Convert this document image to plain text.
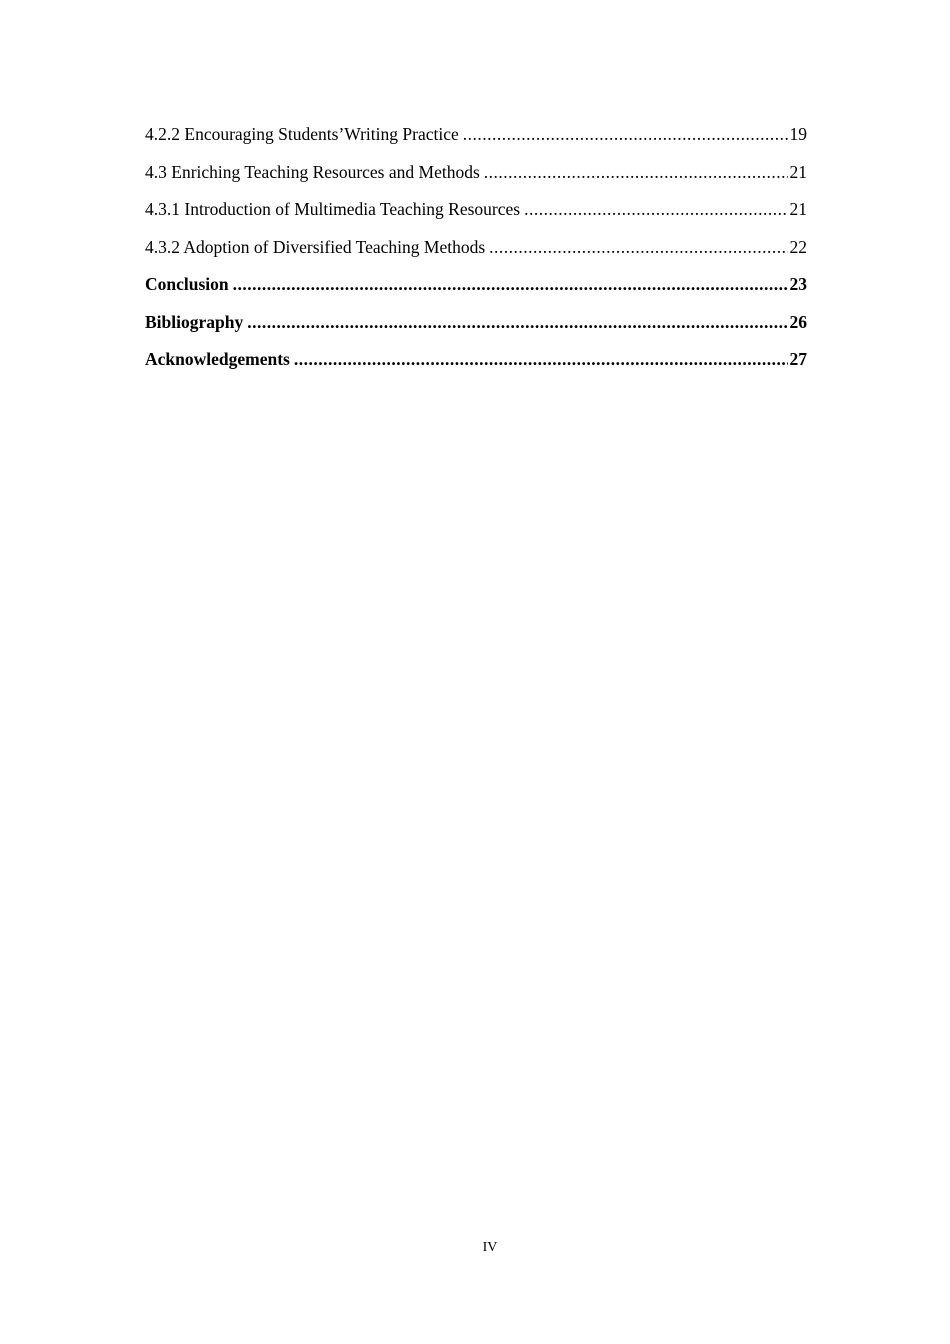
4.2.2 Encouraging Students’Writing Practice .....	19
4.3 Enriching Teaching Resources and Methods .....	21
4.3.1 Introduction of Multimedia Teaching Resources .....	21
4.3.2 Adoption of Diversified Teaching Methods .....	22
Conclusion .....	23
Bibliography .....	26
Acknowledgements .....	27
IV
